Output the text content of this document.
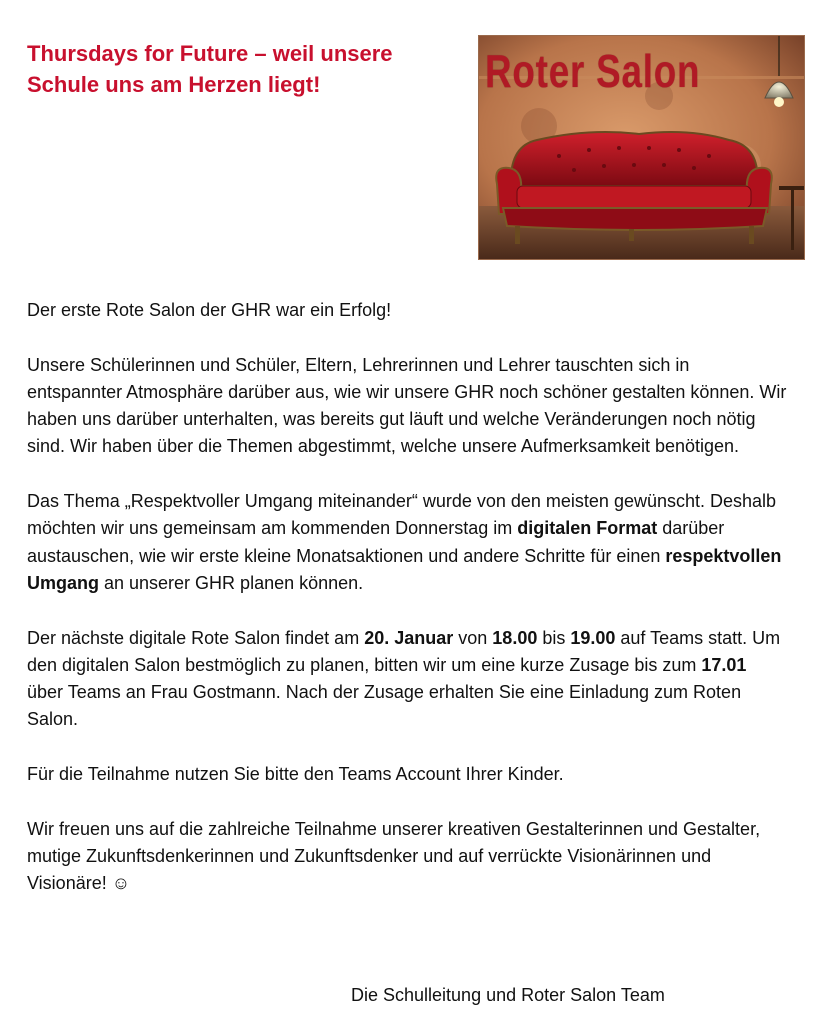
Thursdays for Future – weil unsere
Schule uns am Herzen liegt!	Roter Salon

Der erste Rote Salon der GHR war ein Erfolg!

Unsere Schülerinnen und Schüler, Eltern, Lehrerinnen und Lehrer tauschten sich in entspannter Atmosphäre darüber aus, wie wir unsere GHR noch schöner gestalten können. Wir haben uns darüber unterhalten, was bereits gut läuft und welche Veränderungen noch nötig sind. Wir haben über die Themen abgestimmt, welche unsere Aufmerksamkeit benötigen.

Das Thema „Respektvoller Umgang miteinander“ wurde von den meisten gewünscht. Deshalb möchten wir uns gemeinsam am kommenden Donnerstag im digitalen Format darüber austauschen, wie wir erste kleine Monatsaktionen und andere Schritte für einen respektvollen Umgang an unserer GHR planen können.

Der nächste digitale Rote Salon findet am 20. Januar von 18.00 bis 19.00 auf Teams statt. Um den digitalen Salon bestmöglich zu planen, bitten wir um eine kurze Zusage bis zum 17.01 über Teams an Frau Gostmann. Nach der Zusage erhalten Sie eine Einladung zum Roten Salon.

Für die Teilnahme nutzen Sie bitte den Teams Account Ihrer Kinder.

Wir freuen uns auf die zahlreiche Teilnahme unserer kreativen Gestalterinnen und Gestalter, mutige Zukunftsdenkerinnen und Zukunftsdenker und auf verrückte Visionärinnen und Visionäre! ☺

Die Schulleitung und Roter Salon Team
